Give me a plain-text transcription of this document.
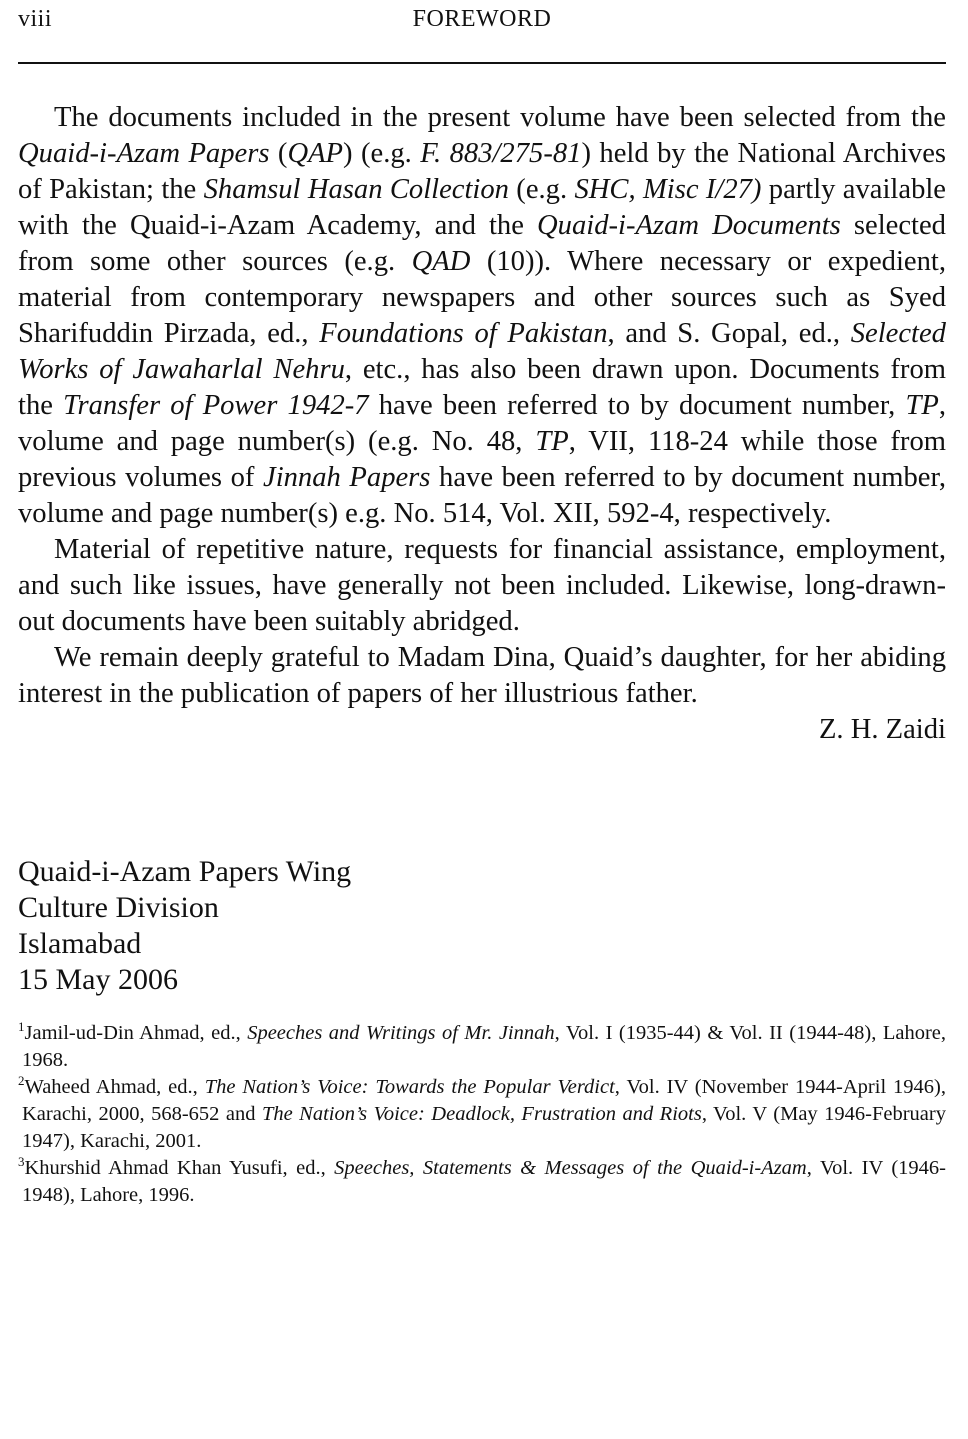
viii	FOREWORD

The documents included in the present volume have been selected from the Quaid-i-Azam Papers (QAP) (e.g. F. 883/275-81) held by the National Archives of Pakistan; the Shamsul Hasan Collection (e.g. SHC, Misc I/27) partly available with the Quaid-i-Azam Academy, and the Quaid-i-Azam Documents selected from some other sources (e.g. QAD (10)). Where necessary or expedient, material from contemporary newspapers and other sources such as Syed Sharifuddin Pirzada, ed., Foundations of Pakistan, and S. Gopal, ed., Selected Works of Jawaharlal Nehru, etc., has also been drawn upon. Documents from the Transfer of Power 1942-7 have been referred to by document number, TP, volume and page number(s) (e.g. No. 48, TP, VII, 118-24 while those from previous volumes of Jinnah Papers have been referred to by document number, volume and page number(s) e.g. No. 514, Vol. XII, 592-4, respectively.

Material of repetitive nature, requests for financial assistance, employment, and such like issues, have generally not been included. Likewise, long-drawn-out documents have been suitably abridged.

We remain deeply grateful to Madam Dina, Quaid’s daughter, for her abiding interest in the publication of papers of her illustrious father.

Z. H. Zaidi
Quaid-i-Azam Papers Wing
Culture Division
Islamabad
15 May 2006
$^1$Jamil-ud-Din Ahmad, ed., Speeches and Writings of Mr. Jinnah, Vol. I (1935-44) & Vol. II (1944-48), Lahore, 1968.
$^2$Waheed Ahmad, ed., The Nation’s Voice: Towards the Popular Verdict, Vol. IV (November 1944-April 1946), Karachi, 2000, 568-652 and The Nation’s Voice: Deadlock, Frustration and Riots, Vol. V (May 1946-February 1947), Karachi, 2001.
$^3$Khurshid Ahmad Khan Yusufi, ed., Speeches, Statements & Messages of the Quaid-i-Azam, Vol. IV (1946-1948), Lahore, 1996.
